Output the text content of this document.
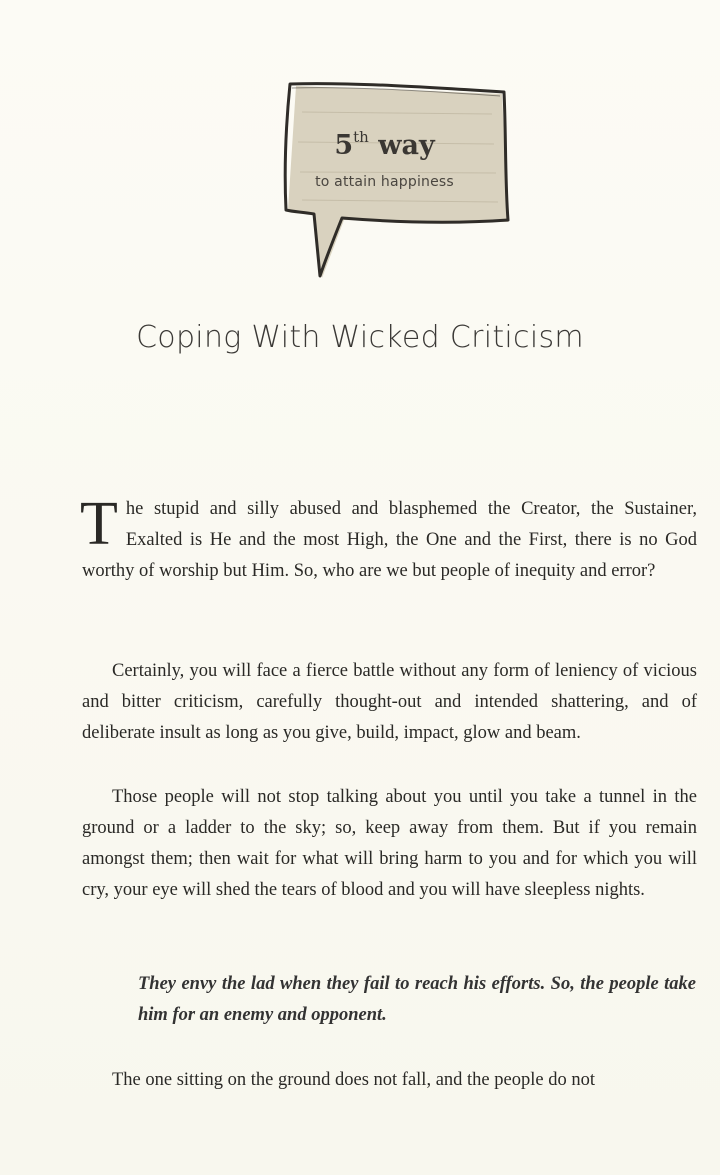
5th way
to attain happiness
Coping With Wicked Criticism
The stupid and silly abused and blasphemed the Creator, the Sustainer, Exalted is He and the most High, the One and the First, there is no God worthy of worship but Him. So, who are we but people of inequity and error?
Certainly, you will face a fierce battle without any form of leniency of vicious and bitter criticism, carefully thought-out and intended shattering, and of deliberate insult as long as you give, build, impact, glow and beam.
Those people will not stop talking about you until you take a tunnel in the ground or a ladder to the sky; so, keep away from them. But if you remain amongst them; then wait for what will bring harm to you and for which you will cry, your eye will shed the tears of blood and you will have sleepless nights.
They envy the lad when they fail to reach his efforts. So, the people take him for an enemy and opponent.
The one sitting on the ground does not fall, and the people do not
